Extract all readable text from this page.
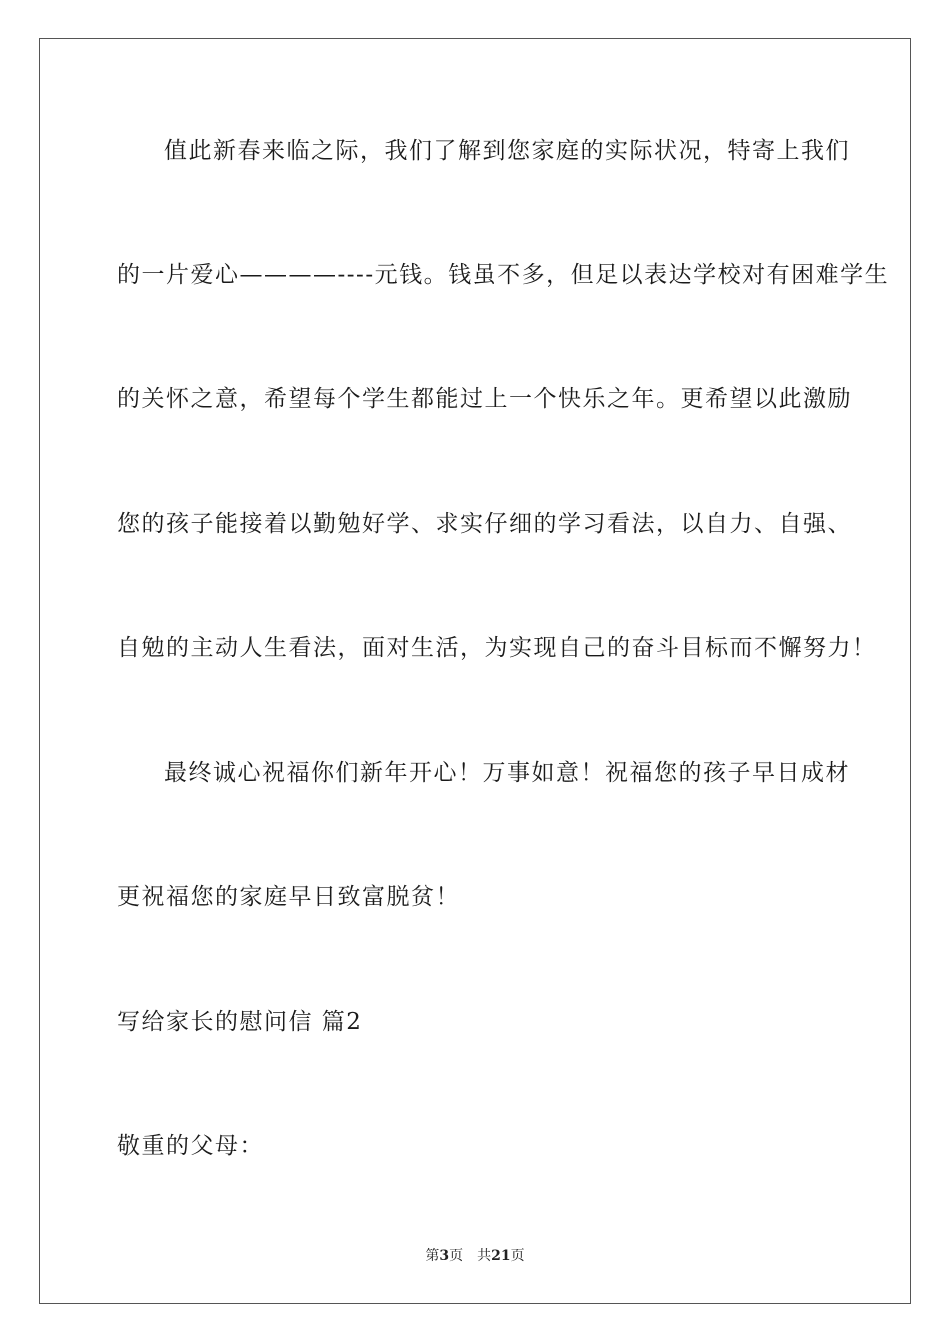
值此新春来临之际，我们了解到您家庭的实际状况，特寄上我们
的一片爱心————----元钱。钱虽不多，但足以表达学校对有困难学生
的关怀之意，希望每个学生都能过上一个快乐之年。更希望以此激励
您的孩子能接着以勤勉好学、求实仔细的学习看法，以自力、自强、
自勉的主动人生看法，面对生活，为实现自己的奋斗目标而不懈努力！
最终诚心祝福你们新年开心！万事如意！祝福您的孩子早日成材
更祝福您的家庭早日致富脱贫！
写给家长的慰问信 篇2
敬重的父母：
第3页 共21页
